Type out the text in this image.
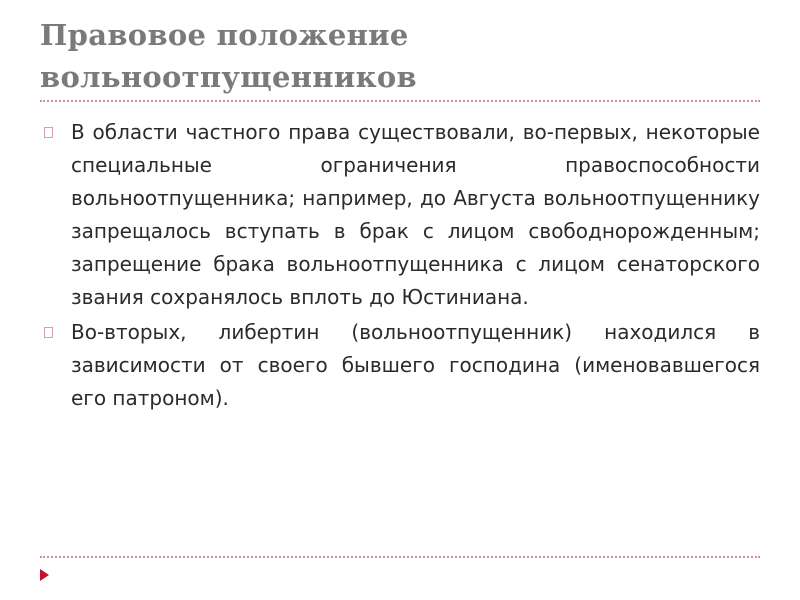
Правовое положение вольноотпущенников
В области частного права существовали, во-первых, некоторые специальные ограничения правоспособности вольноотпущенника; например, до Августа вольноотпущеннику запрещалось вступать в брак с лицом свободнорожденным; запрещение брака вольноотпущенника с лицом сенаторского звания сохранялось вплоть до Юстиниана.
Во-вторых, либертин (вольноотпущенник) находился в зависимости от своего бывшего господина (именовавшегося его патроном).
